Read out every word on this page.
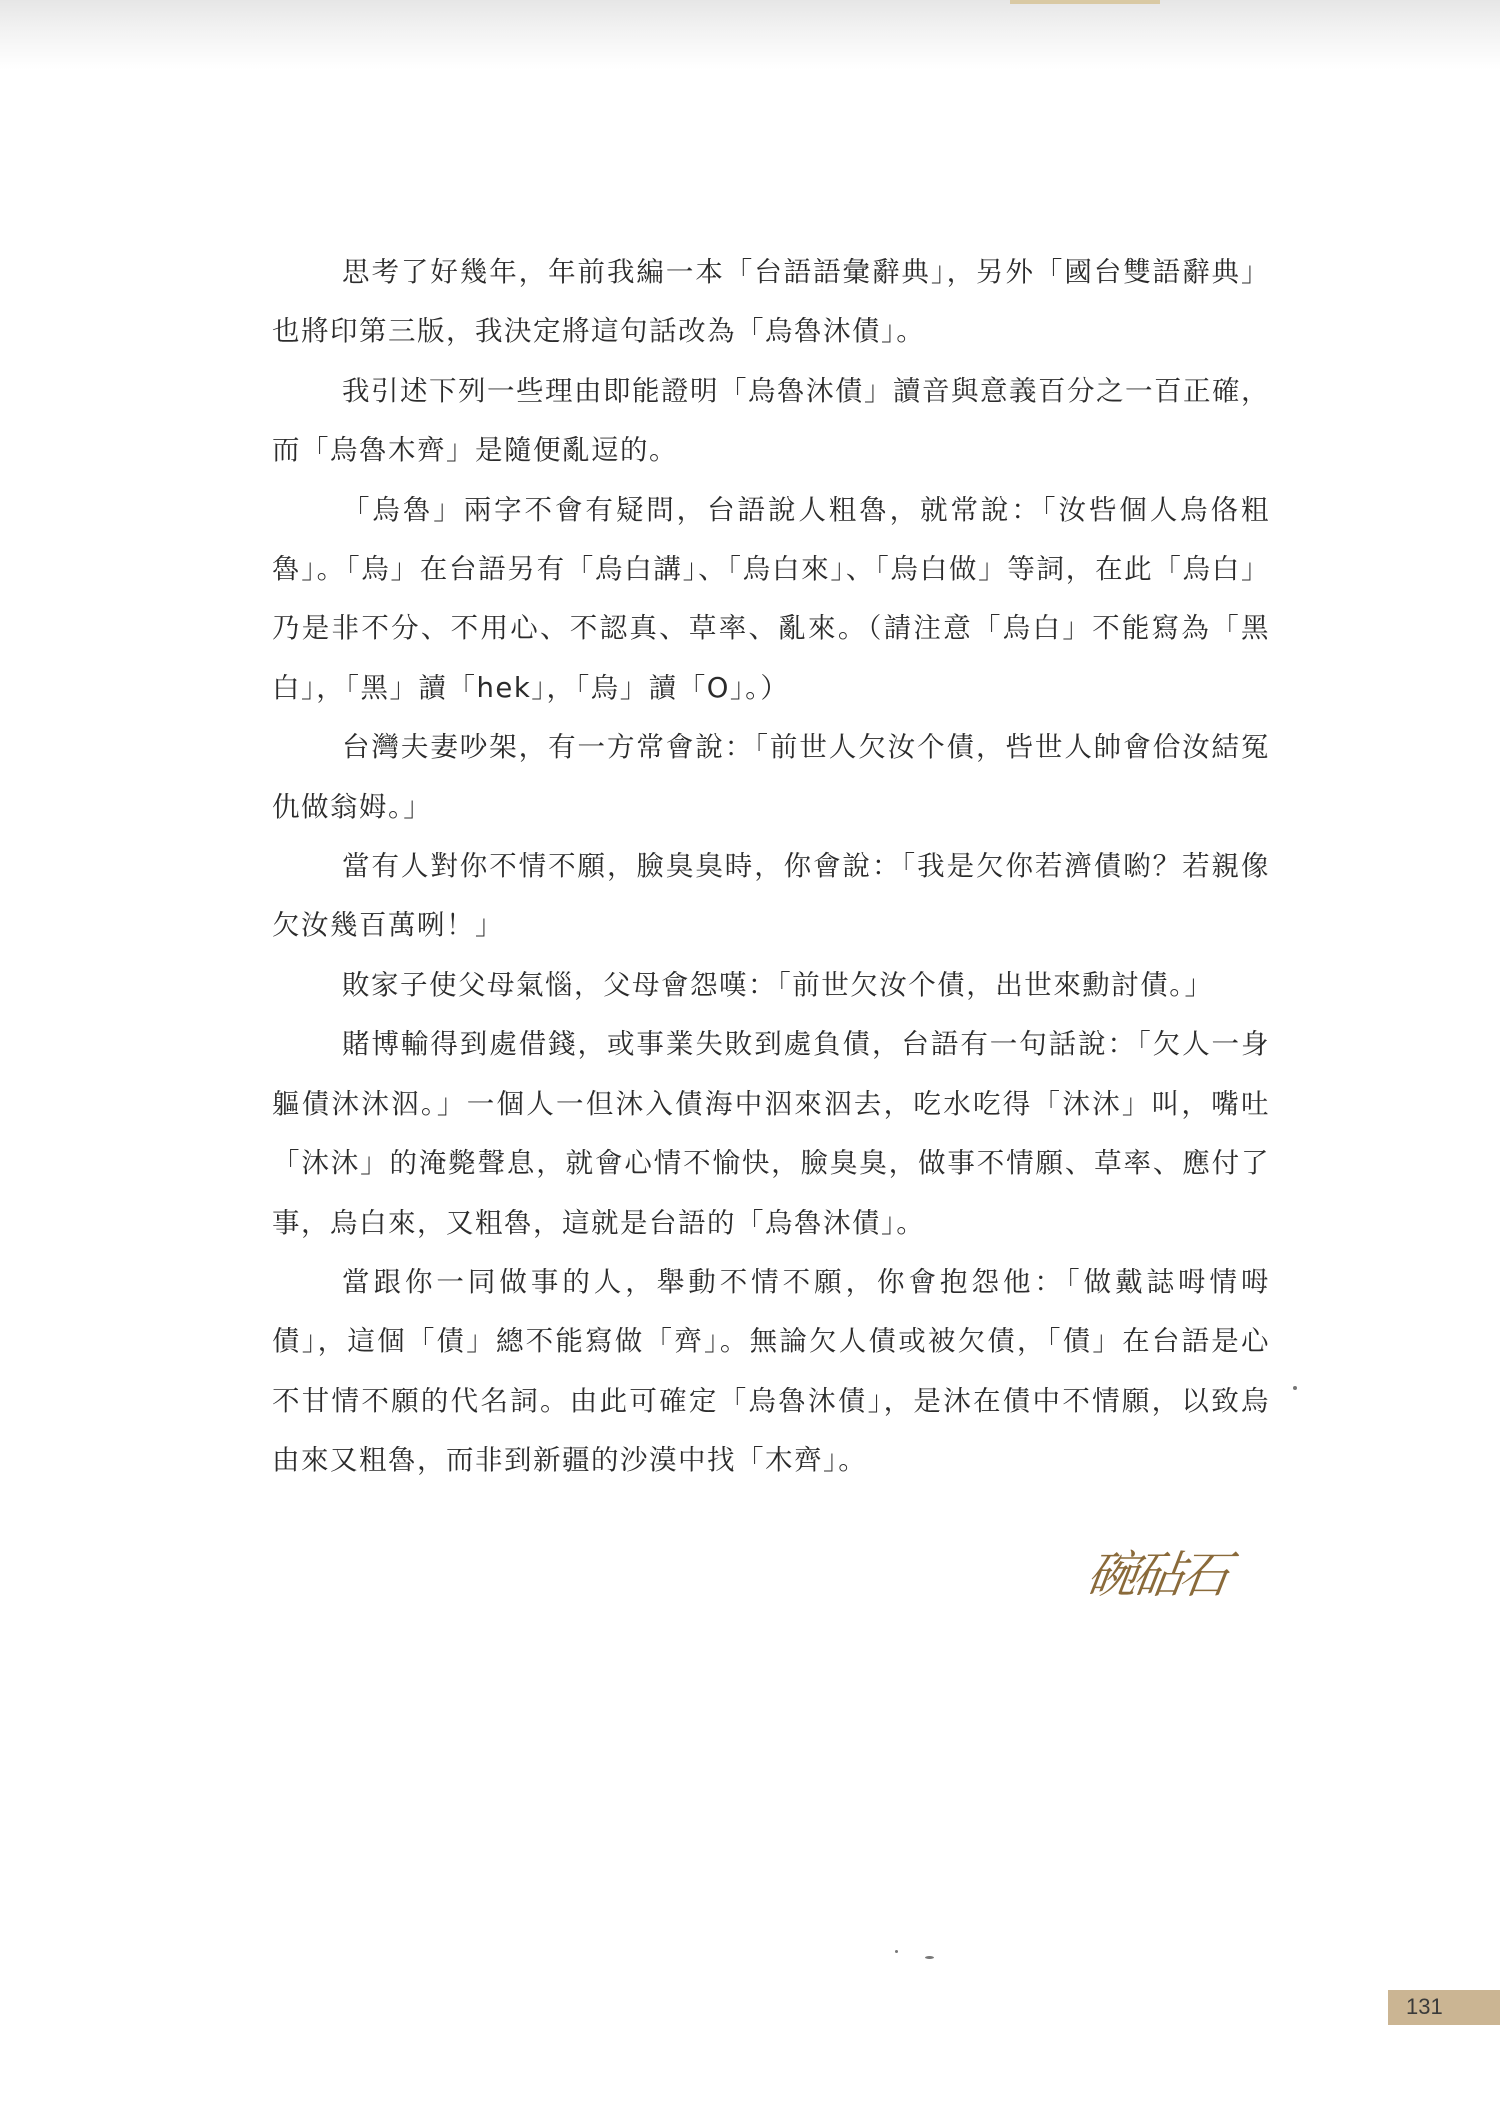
思考了好幾年，年前我編一本「台語語彙辭典」，另外「國台雙語辭典」也將印第三版，我決定將這句話改為「烏魯沐債」。

我引述下列一些理由即能證明「烏魯沐債」讀音與意義百分之一百正確，而「烏魯木齊」是隨便亂逗的。

「烏魯」兩字不會有疑問，台語說人粗魯，就常說：「汝呰個人烏佫粗魯」。「烏」在台語另有「烏白講」、「烏白來」、「烏白做」等詞，在此「烏白」乃是非不分、不用心、不認真、草率、亂來。（請注意「烏白」不能寫為「黑白」，「黑」讀「hek」，「烏」讀「O」。）

台灣夫妻吵架，有一方常會說：「前世人欠汝个債，呰世人帥會佮汝結冤仇做翁姆。」

當有人對你不情不願，臉臭臭時，你會說：「我是欠你若濟債喲？若親像欠汝幾百萬咧！」

敗家子使父母氣惱，父母會怨嘆：「前世欠汝个債，出世來勳討債。」

賭博輸得到處借錢，或事業失敗到處負債，台語有一句話說：「欠人一身軀債沐沐泅。」一個人一但沐入債海中泅來泅去，吃水吃得「沐沐」叫，嘴吐「沐沐」的淹斃聲息，就會心情不愉快，臉臭臭，做事不情願、草率、應付了事，烏白來，又粗魯，這就是台語的「烏魯沐債」。

當跟你一同做事的人，舉動不情不願，你會抱怨他：「做戴誌呣情呣債」，這個「債」總不能寫做「齊」。無論欠人債或被欠債，「債」在台語是心不甘情不願的代名詞。由此可確定「烏魯沐債」，是沐在債中不情願，以致烏由來又粗魯，而非到新疆的沙漠中找「木齊」。

碗砧石
131
